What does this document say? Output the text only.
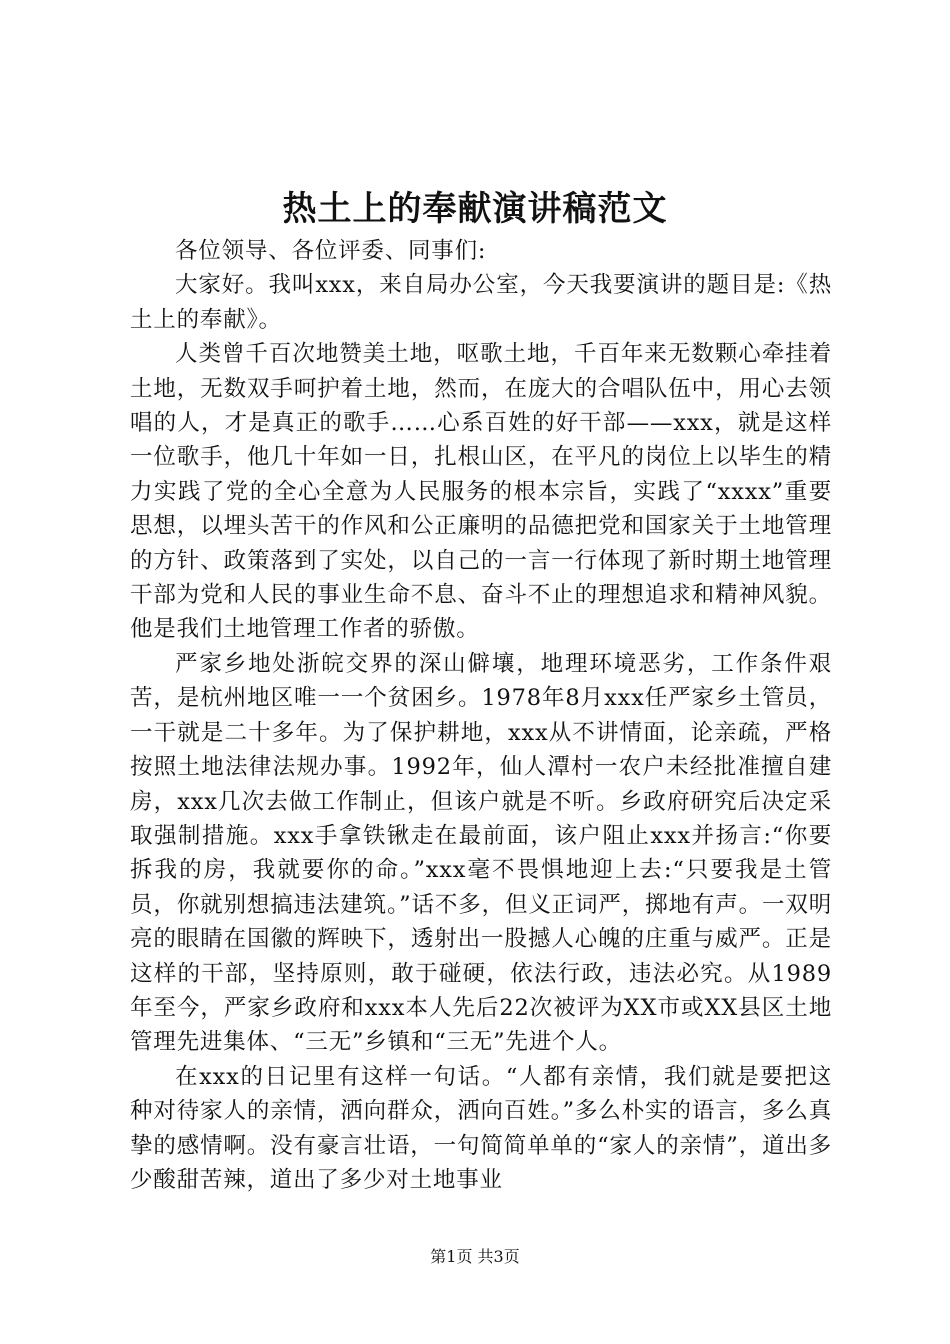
热土上的奉献演讲稿范文

各位领导、各位评委、同事们:

大家好。我叫xxx，来自局办公室，今天我要演讲的题目是:《热土上的奉献》。

人类曾千百次地赞美土地，呕歌土地，千百年来无数颗心牵挂着土地，无数双手呵护着土地，然而，在庞大的合唱队伍中，用心去领唱的人，才是真正的歌手……心系百姓的好干部——xxx，就是这样一位歌手，他几十年如一日，扎根山区，在平凡的岗位上以毕生的精力实践了党的全心全意为人民服务的根本宗旨，实践了“xxxx”重要思想，以埋头苦干的作风和公正廉明的品德把党和国家关于土地管理的方针、政策落到了实处，以自己的一言一行体现了新时期土地管理干部为党和人民的事业生命不息、奋斗不止的理想追求和精神风貌。他是我们土地管理工作者的骄傲。

严家乡地处浙皖交界的深山僻壤，地理环境恶劣，工作条件艰苦，是杭州地区唯一一个贫困乡。1978年8月xxx任严家乡土管员，一干就是二十多年。为了保护耕地，xxx从不讲情面，论亲疏，严格按照土地法律法规办事。1992年，仙人潭村一农户未经批准擅自建房，xxx几次去做工作制止，但该户就是不听。乡政府研究后决定采取强制措施。xxx手拿铁锹走在最前面，该户阻止xxx并扬言:“你要拆我的房，我就要你的命。”xxx毫不畏惧地迎上去:“只要我是土管员，你就别想搞违法建筑。”话不多，但义正词严，掷地有声。一双明亮的眼睛在国徽的辉映下，透射出一股撼人心魄的庄重与威严。正是这样的干部，坚持原则，敢于碰硬，依法行政，违法必究。从1989年至今，严家乡政府和xxx本人先后22次被评为XX市或XX县区土地管理先进集体、“三无”乡镇和“三无”先进个人。

在xxx的日记里有这样一句话。“人都有亲情，我们就是要把这种对待家人的亲情，洒向群众，洒向百姓。”多么朴实的语言，多么真挚的感情啊。没有豪言壮语，一句简简单单的“家人的亲情”，道出多少酸甜苦辣，道出了多少对土地事业

第1页 共3页
